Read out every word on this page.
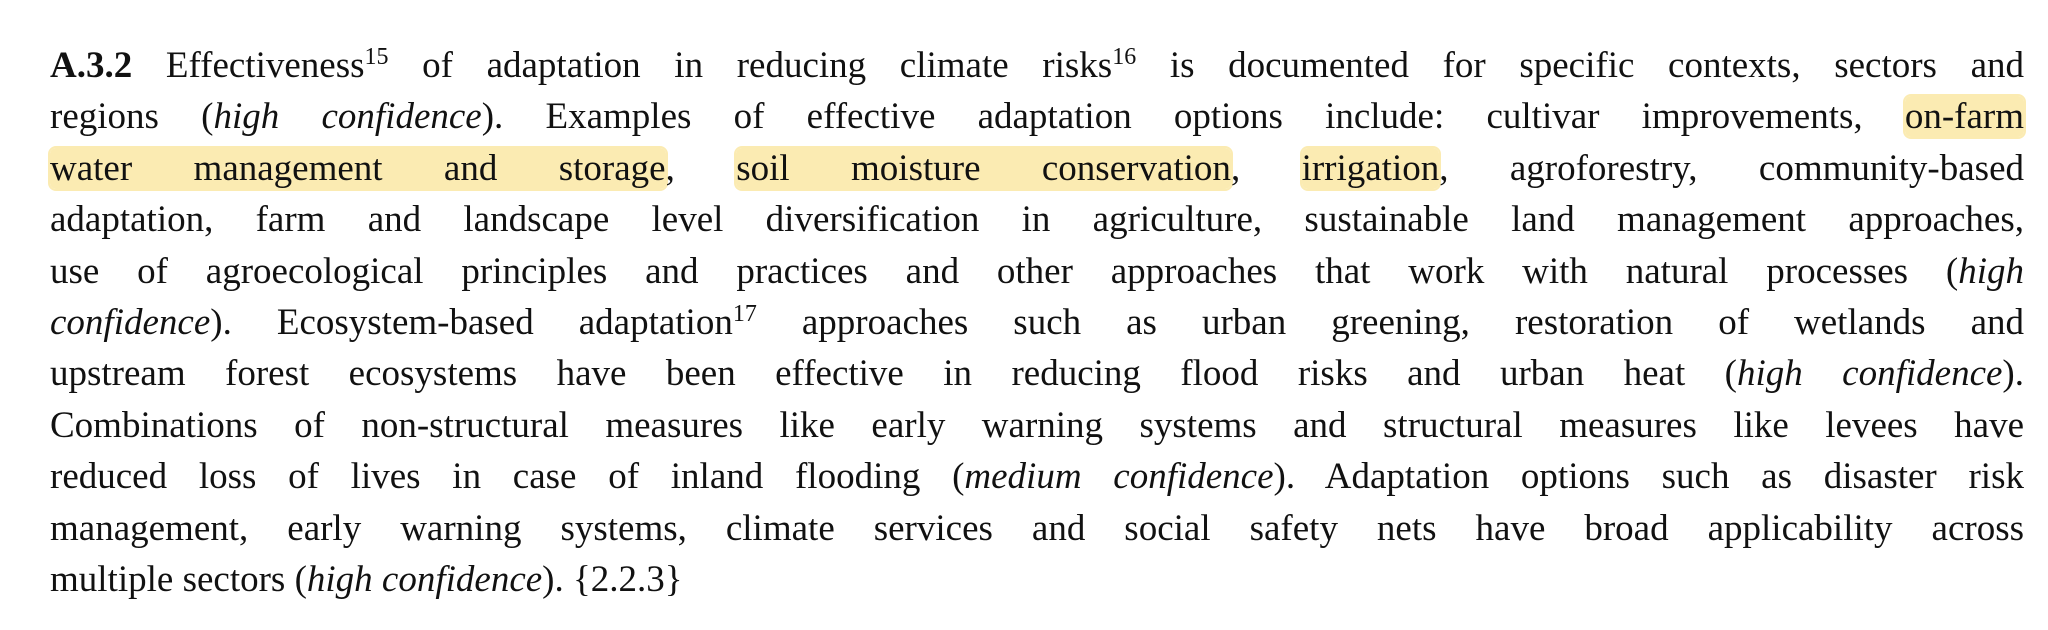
A.3.2 Effectiveness$^{15}$ of adaptation in reducing climate risks$^{16}$ is documented for specific contexts, sectors and
regions (high confidence). Examples of effective adaptation options include: cultivar improvements, on-farm
water management and storage, soil moisture conservation, irrigation, agroforestry, community-based
adaptation, farm and landscape level diversification in agriculture, sustainable land management approaches,
use of agroecological principles and practices and other approaches that work with natural processes (high
confidence). Ecosystem-based adaptation$^{17}$ approaches such as urban greening, restoration of wetlands and
upstream forest ecosystems have been effective in reducing flood risks and urban heat (high confidence).
Combinations of non-structural measures like early warning systems and structural measures like levees have
reduced loss of lives in case of inland flooding (medium confidence). Adaptation options such as disaster risk
management, early warning systems, climate services and social safety nets have broad applicability across
multiple sectors (high confidence). {2.2.3}
